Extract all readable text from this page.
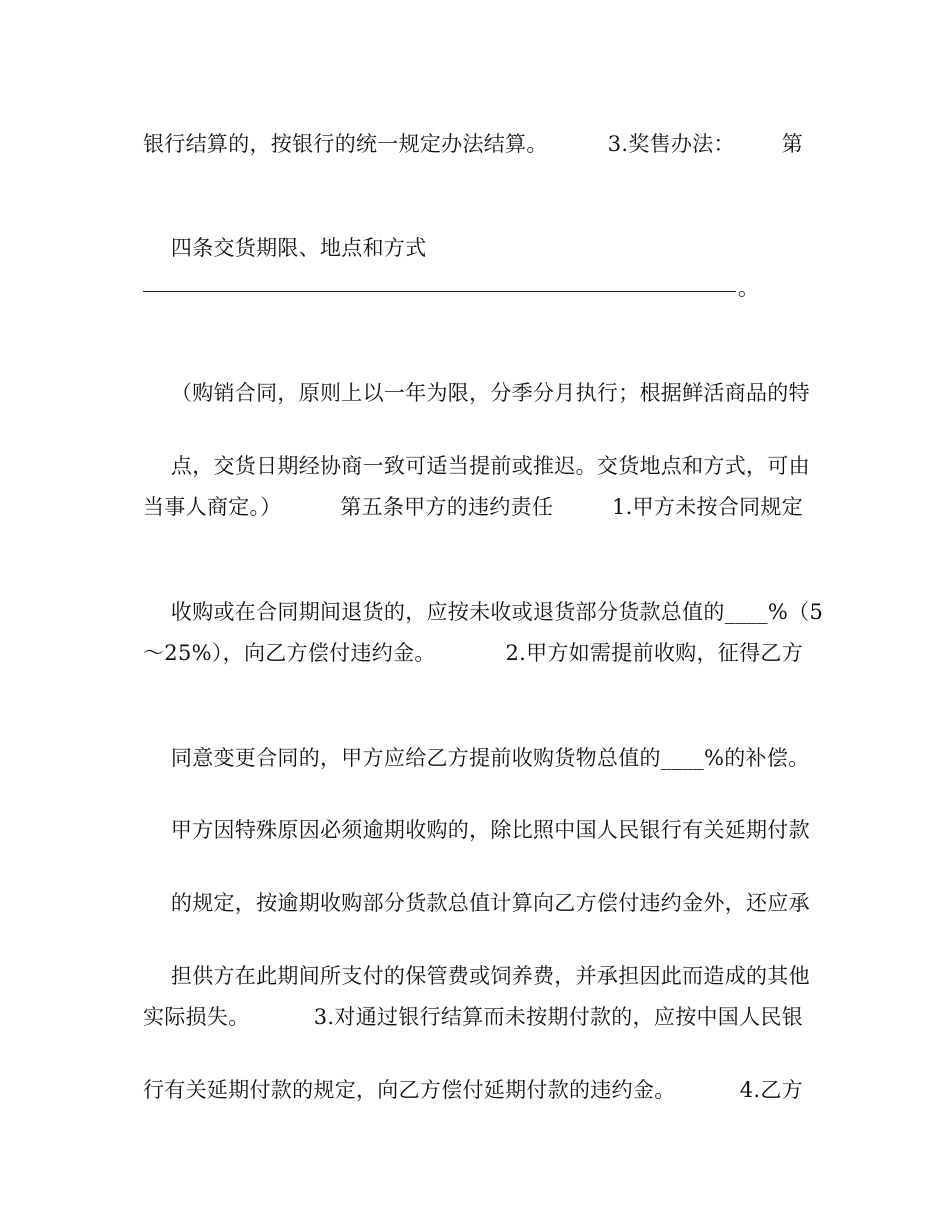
银行结算的，按银行的统一规定办法结算。	3.奖售办法： 第

四条交货期限、地点和方式

。

（购销合同，原则上以一年为限，分季分月执行；根据鲜活商品的特

点，交货日期经协商一致可适当提前或推迟。交货地点和方式，可由

当事人商定。）	第五条甲方的违约责任	1.甲方未按合同规定

收购或在合同期间退货的，应按未收或退货部分货款总值的____%（5

～25%），向乙方偿付违约金。	2.甲方如需提前收购，征得乙方

同意变更合同的，甲方应给乙方提前收购货物总值的____%的补偿。

甲方因特殊原因必须逾期收购的，除比照中国人民银行有关延期付款

的规定，按逾期收购部分货款总值计算向乙方偿付违约金外，还应承

担供方在此期间所支付的保管费或饲养费，并承担因此而造成的其他

实际损失。	3.对通过银行结算而未按期付款的，应按中国人民银
行有关延期付款的规定，向乙方偿付延期付款的违约金。	4.乙方
